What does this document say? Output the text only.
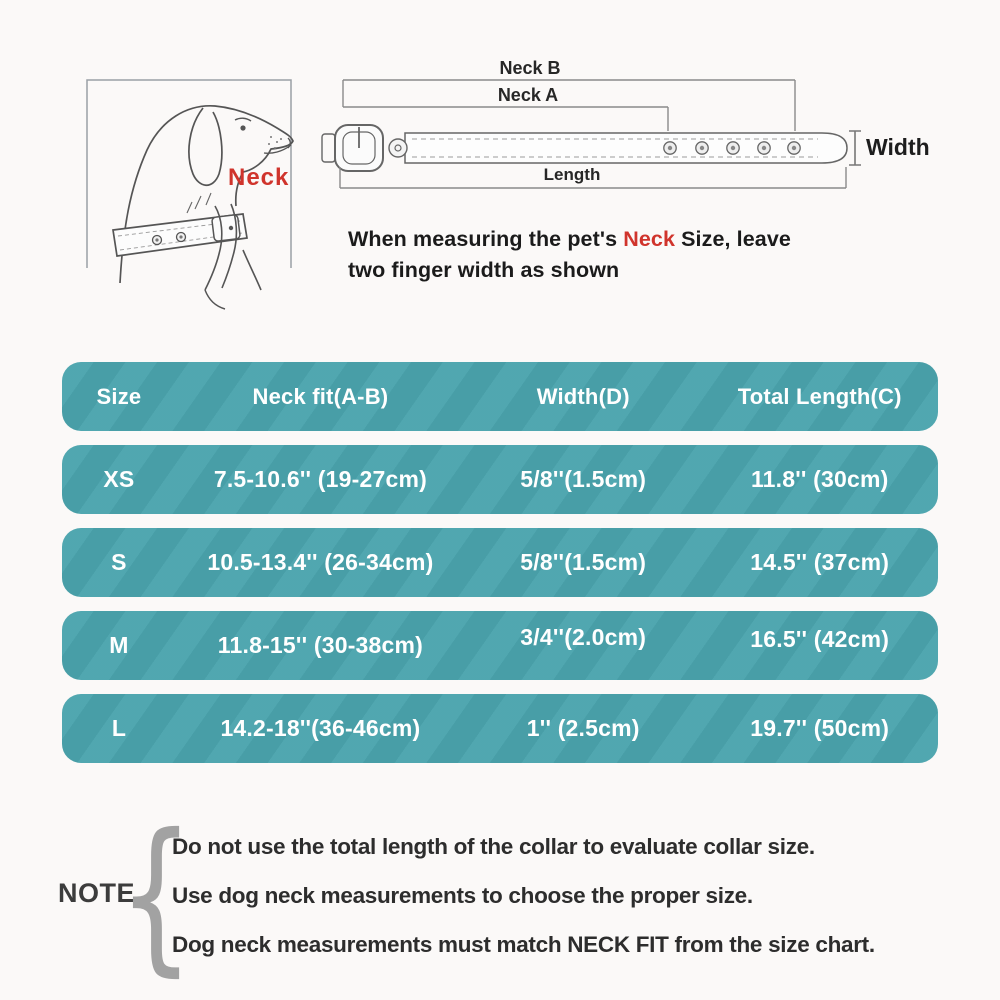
Neck
Neck B
Neck A
Length
Width
When measuring the pet's Neck Size, leave
two finger width as shown
Size	Neck fit(A-B)	Width(D)	Total Length(C)
XS	7.5-10.6'' (19-27cm)	5/8''(1.5cm)	11.8'' (30cm)
S	10.5-13.4'' (26-34cm)	5/8''(1.5cm)	14.5'' (37cm)
M	11.8-15'' (30-38cm)	3/4''(2.0cm)	16.5'' (42cm)
L	14.2-18''(36-46cm)	1'' (2.5cm)	19.7'' (50cm)
NOTE
{
Do not use the total length of the collar to evaluate collar size.
Use dog neck measurements to choose the proper size.
Dog neck measurements must match NECK FIT from the size chart.
